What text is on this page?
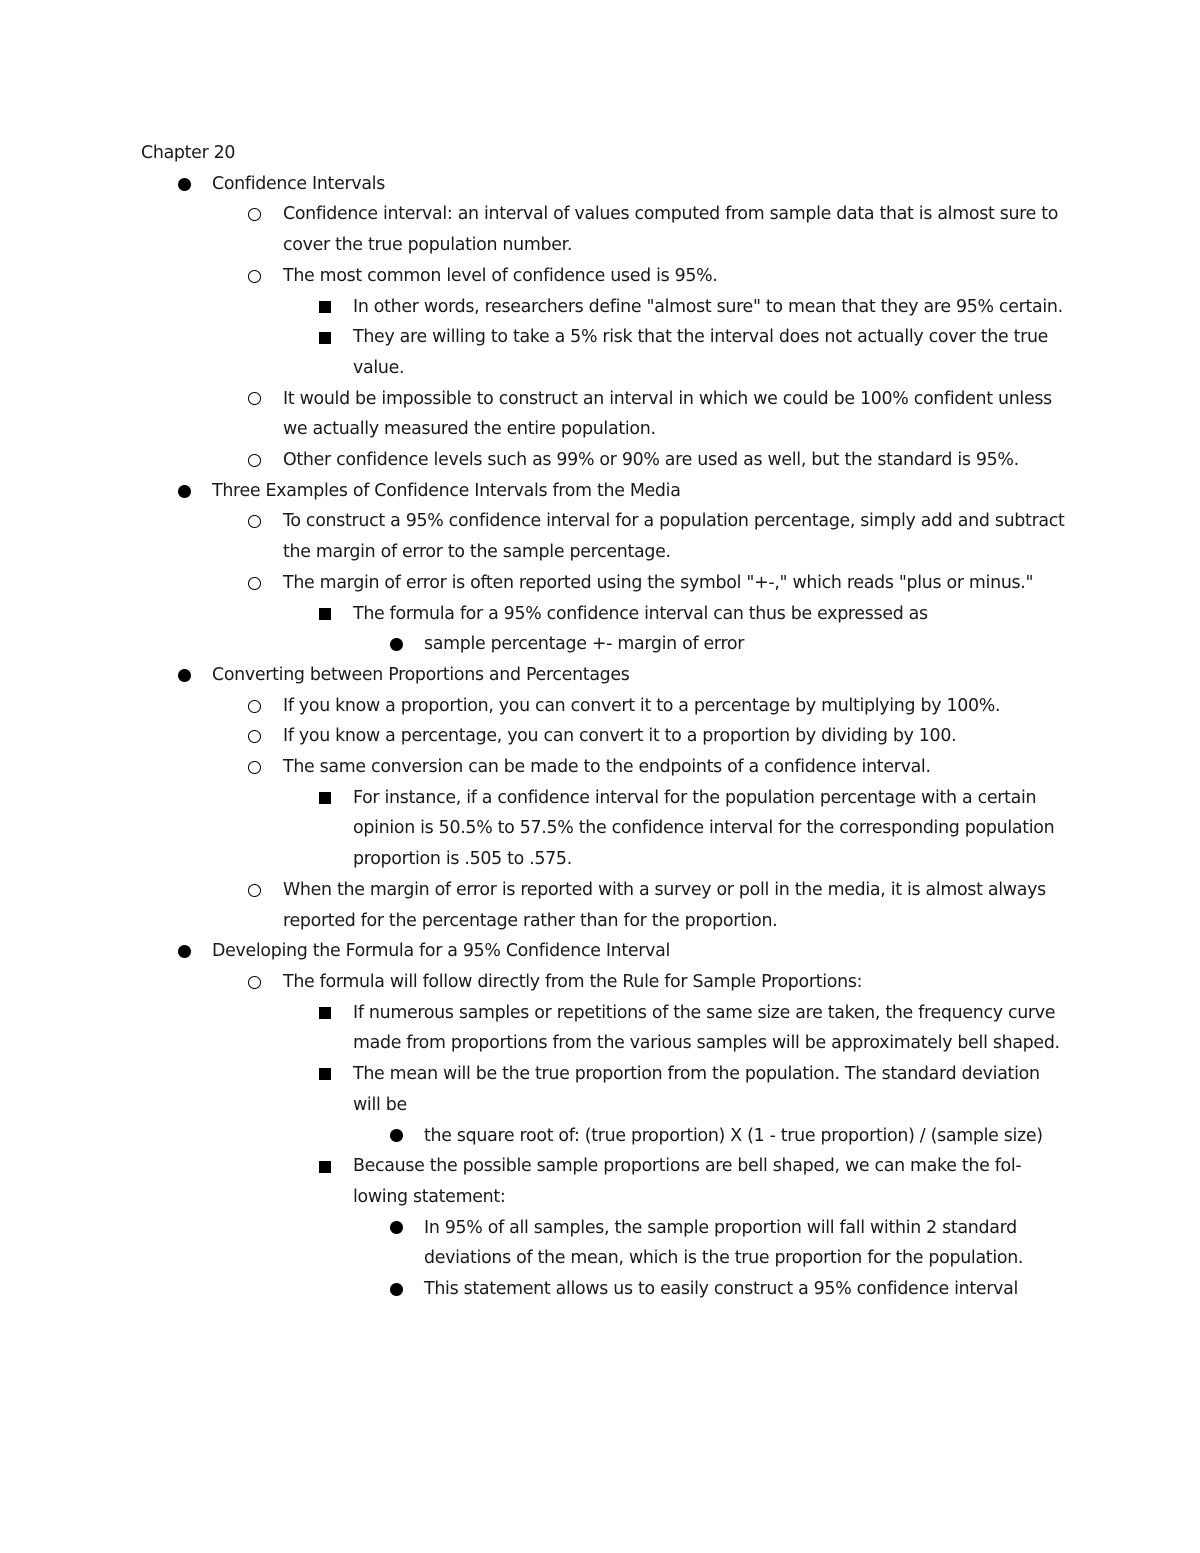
Chapter 20
Confidence Intervals
Confidence interval: an interval of values computed from sample data that is almost sure to cover the true population number.
The most common level of confidence used is 95%.
In other words, researchers define "almost sure" to mean that they are 95% certain.
They are willing to take a 5% risk that the interval does not actually cover the true value.
It would be impossible to construct an interval in which we could be 100% confident unless we actually measured the entire population.
Other confidence levels such as 99% or 90% are used as well, but the standard is 95%.
Three Examples of Confidence Intervals from the Media
To construct a 95% confidence interval for a population percentage, simply add and subtract the margin of error to the sample percentage.
The margin of error is often reported using the symbol "+-," which reads "plus or minus."
The formula for a 95% confidence interval can thus be expressed as
sample percentage +- margin of error
Converting between Proportions and Percentages
If you know a proportion, you can convert it to a percentage by multiplying by 100%.
If you know a percentage, you can convert it to a proportion by dividing by 100.
The same conversion can be made to the endpoints of a confidence interval.
For instance, if a confidence interval for the population percentage with a certain opinion is 50.5% to 57.5% the confidence interval for the corresponding population proportion is .505 to .575.
When the margin of error is reported with a survey or poll in the media, it is almost always reported for the percentage rather than for the proportion.
Developing the Formula for a 95% Confidence Interval
The formula will follow directly from the Rule for Sample Proportions:
If numerous samples or repetitions of the same size are taken, the frequency curve made from proportions from the various samples will be approximately bell shaped.
The mean will be the true proportion from the population. The standard deviation will be
the square root of: (true proportion) X (1 - true proportion) / (sample size)
Because the possible sample proportions are bell shaped, we can make the following statement:
In 95% of all samples, the sample proportion will fall within 2 standard deviations of the mean, which is the true proportion for the population.
This statement allows us to easily construct a 95% confidence interval
